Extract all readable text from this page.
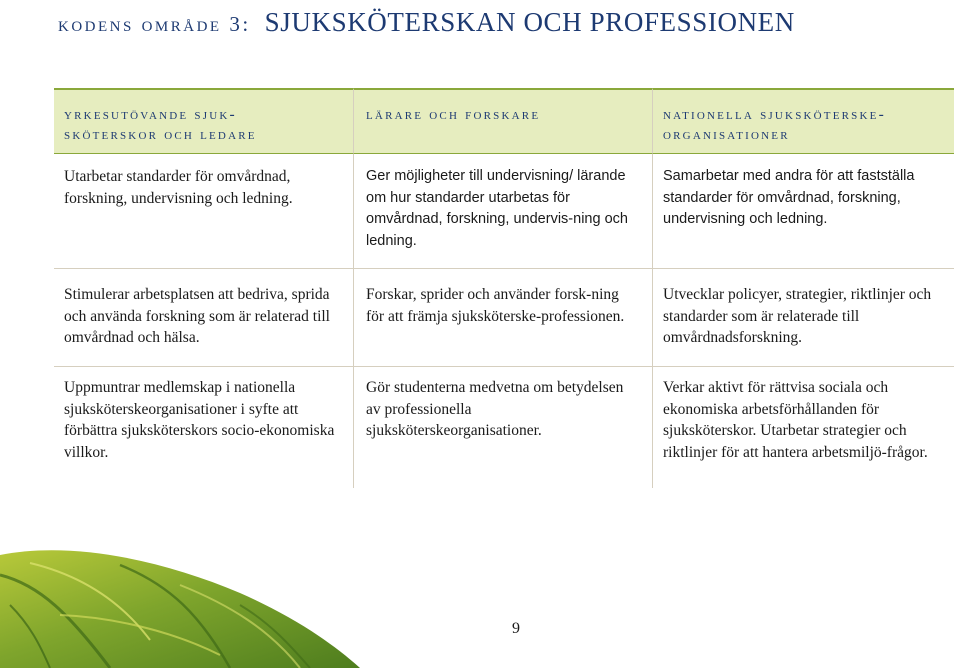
kodens område 3: SJUKSKÖTERSKAN OCH PROFESSIONEN
yrkesutövande sjuk-
sköterskor och ledare
lärare och forskare	nationella sjuksköterske-
organisationer
Utarbetar standarder för omvårdnad, forskning, undervisning och ledning.
Ger möjligheter till undervisning/ lärande om hur standarder utarbetas för omvårdnad, forskning, undervis-ning och ledning.
Samarbetar med andra för att fastställa standarder för omvårdnad, forskning, undervisning och ledning.
Stimulerar arbetsplatsen att bedriva, sprida och använda forskning som är relaterad till omvårdnad och hälsa.
Forskar, sprider och använder forsk-ning för att främja sjuksköterske-professionen.
Utvecklar policyer, strategier, riktlinjer och standarder som är relaterade till omvårdnadsforskning.
Uppmuntrar medlemskap i nationella sjuksköterskeorganisationer i syfte att förbättra sjuksköterskors socio-ekonomiska villkor.
Gör studenterna medvetna om betydelsen av professionella sjuksköterskeorganisationer.
Verkar aktivt för rättvisa sociala och ekonomiska arbetsförhållanden för sjuksköterskor. Utarbetar strategier och riktlinjer för att hantera arbetsmiljö-frågor.
9
